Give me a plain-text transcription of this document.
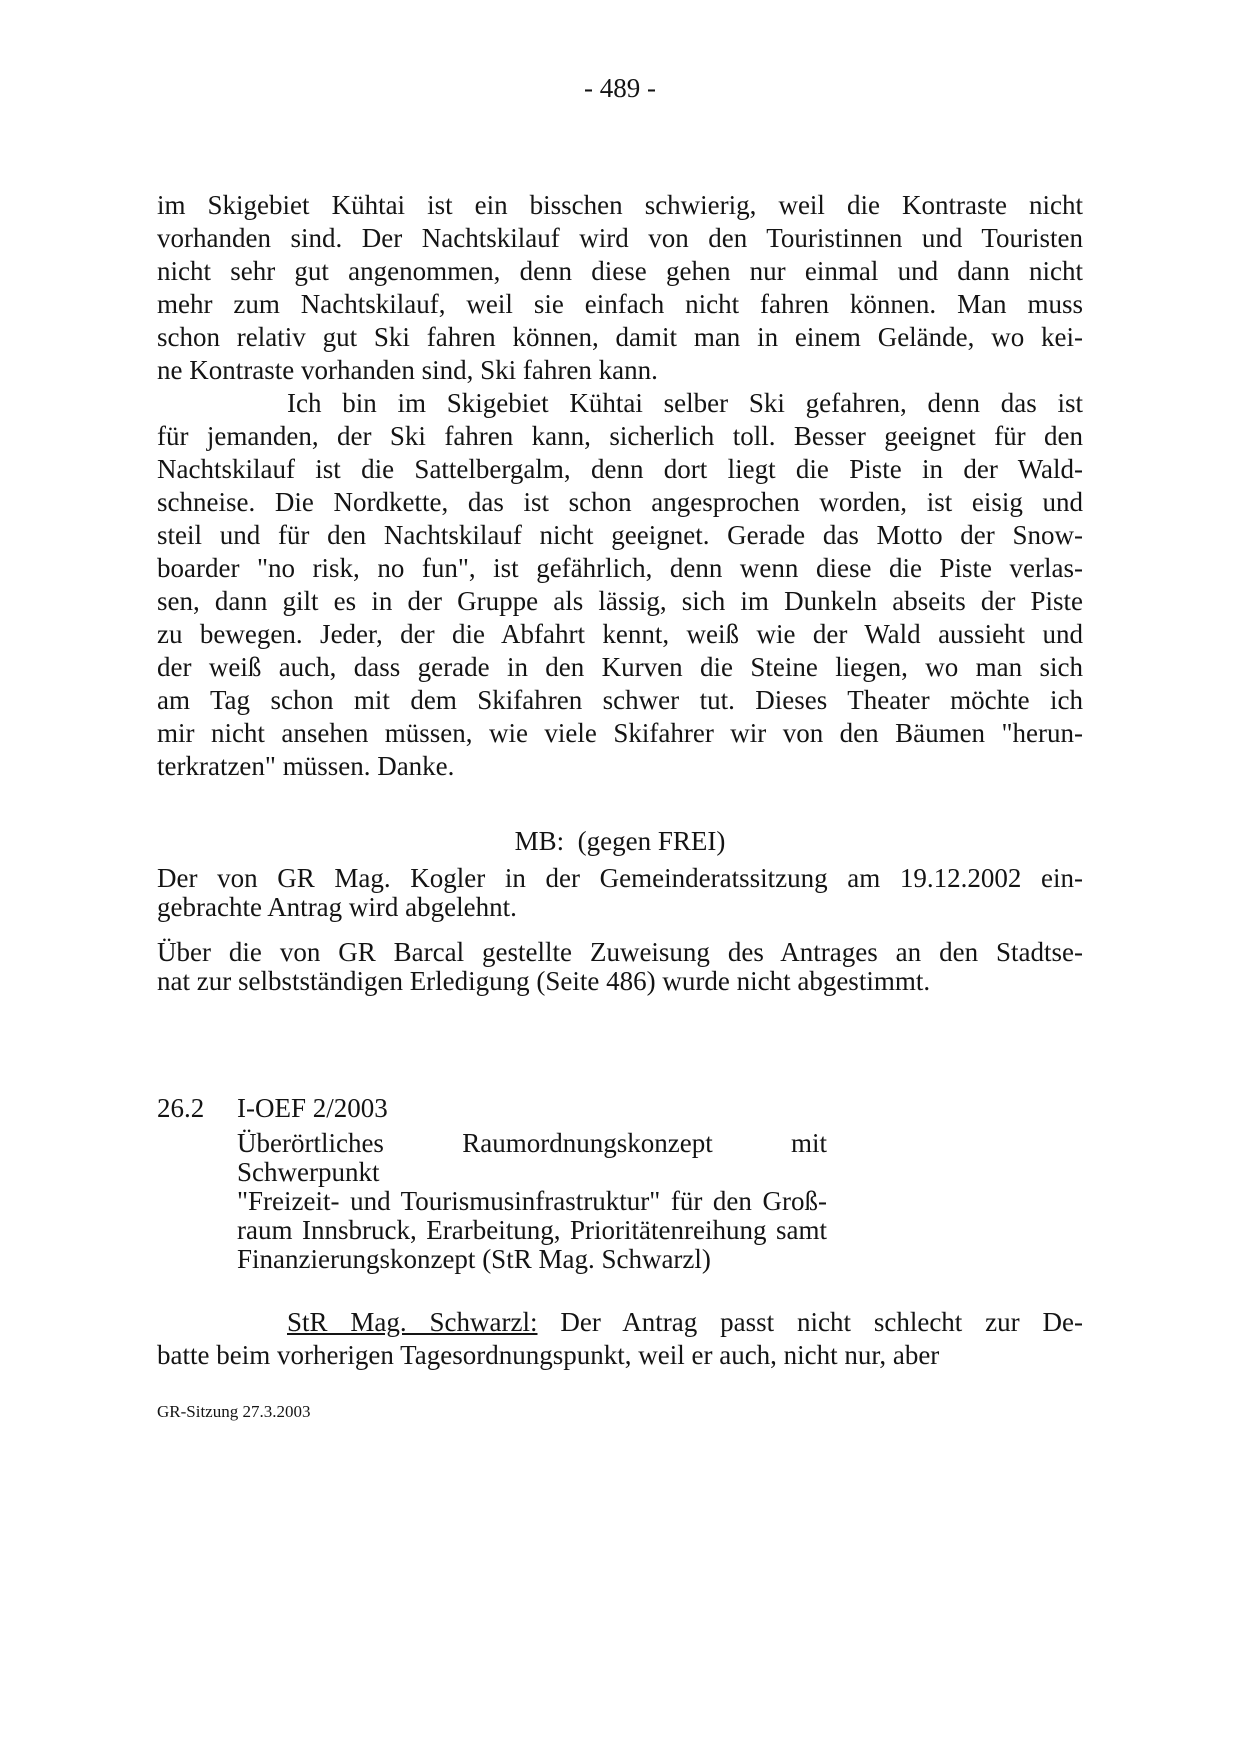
- 489 -
im Skigebiet Kühtai ist ein bisschen schwierig, weil die Kontraste nicht
vorhanden sind. Der Nachtskilauf wird von den Touristinnen und Touristen
nicht sehr gut angenommen, denn diese gehen nur einmal und dann nicht
mehr zum Nachtskilauf, weil sie einfach nicht fahren können. Man muss
schon relativ gut Ski fahren können, damit man in einem Gelände, wo kei-
ne Kontraste vorhanden sind, Ski fahren kann.
Ich bin im Skigebiet Kühtai selber Ski gefahren, denn das ist
für jemanden, der Ski fahren kann, sicherlich toll. Besser geeignet für den
Nachtskilauf ist die Sattelbergalm, denn dort liegt die Piste in der Wald-
schneise. Die Nordkette, das ist schon angesprochen worden, ist eisig und
steil und für den Nachtskilauf nicht geeignet. Gerade das Motto der Snow-
boarder "no risk, no fun", ist gefährlich, denn wenn diese die Piste verlas-
sen, dann gilt es in der Gruppe als lässig, sich im Dunkeln abseits der Piste
zu bewegen. Jeder, der die Abfahrt kennt, weiß wie der Wald aussieht und
der weiß auch, dass gerade in den Kurven die Steine liegen, wo man sich
am Tag schon mit dem Skifahren schwer tut. Dieses Theater möchte ich
mir nicht ansehen müssen, wie viele Skifahrer wir von den Bäumen "herun-
terkratzen" müssen. Danke.
MB:  (gegen FREI)
Der von GR Mag. Kogler in der Gemeinderatssitzung am 19.12.2002 ein-
gebrachte Antrag wird abgelehnt.
Über die von GR Barcal gestellte Zuweisung des Antrages an den Stadtse-
nat zur selbstständigen Erledigung (Seite 486) wurde nicht abgestimmt.
26.2 I-OEF 2/2003
Überörtliches Raumordnungskonzept mit Schwerpunkt
"Freizeit- und Tourismusinfrastruktur" für den Groß-
raum Innsbruck, Erarbeitung, Prioritätenreihung samt
Finanzierungskonzept (StR Mag. Schwarzl)
StR Mag. Schwarzl: Der Antrag passt nicht schlecht zur De-
batte beim vorherigen Tagesordnungspunkt, weil er auch, nicht nur, aber
GR-Sitzung 27.3.2003
